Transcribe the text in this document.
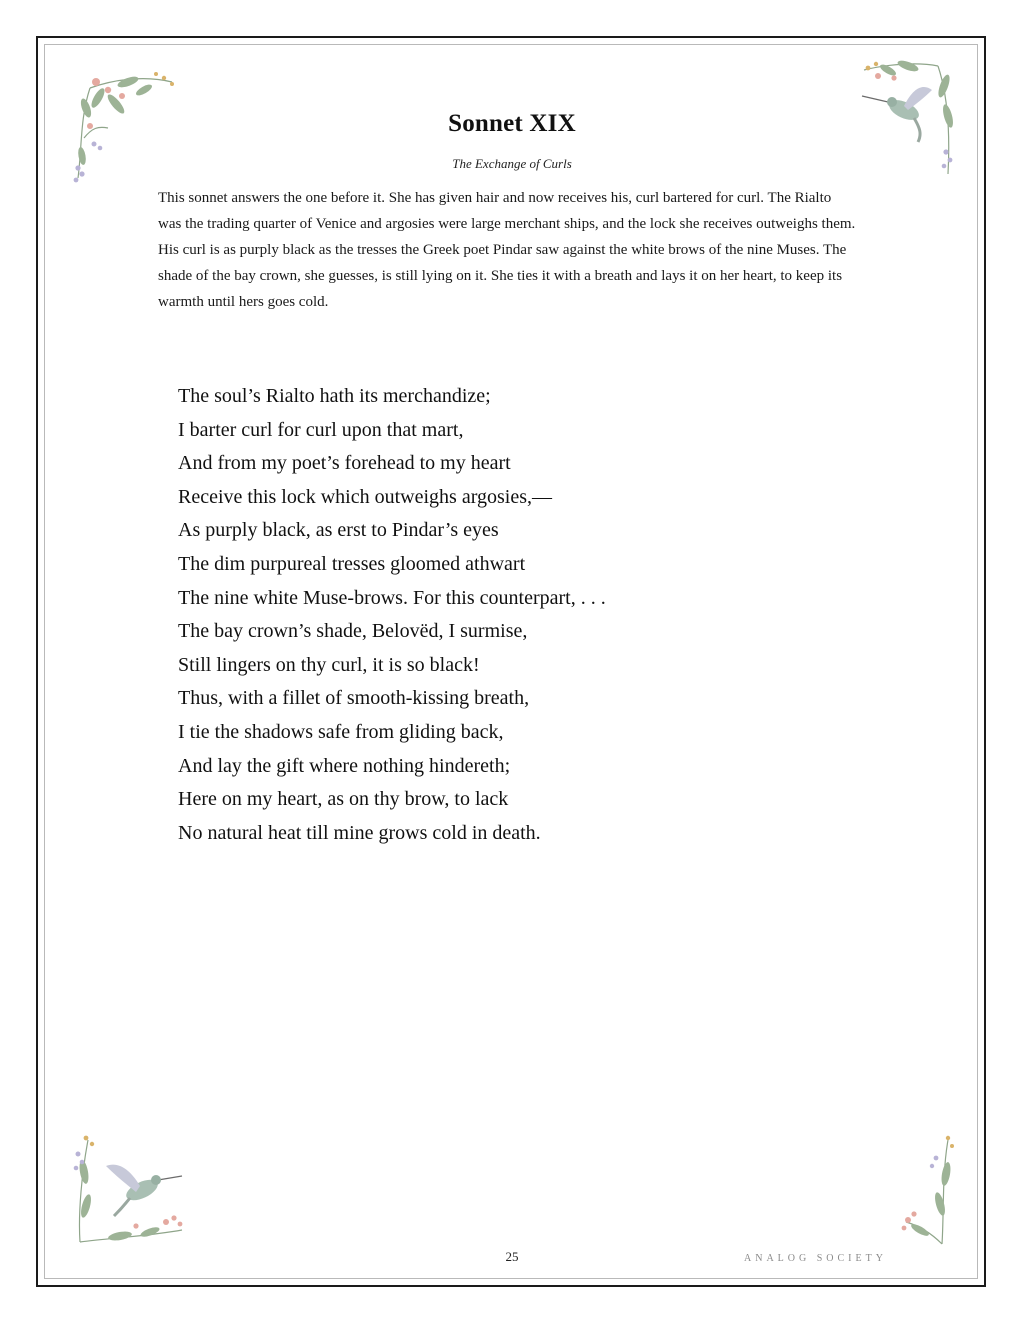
Sonnet XIX
The Exchange of Curls
This sonnet answers the one before it. She has given hair and now receives his, curl bartered for curl. The Rialto was the trading quarter of Venice and argosies were large merchant ships, and the lock she receives outweighs them. His curl is as purply black as the tresses the Greek poet Pindar saw against the white brows of the nine Muses. The shade of the bay crown, she guesses, is still lying on it. She ties it with a breath and lays it on her heart, to keep its warmth until hers goes cold.
The soul’s Rialto hath its merchandize;
I barter curl for curl upon that mart,
And from my poet’s forehead to my heart
Receive this lock which outweighs argosies,—
As purply black, as erst to Pindar’s eyes
The dim purpureal tresses gloomed athwart
The nine white Muse-brows. For this counterpart, . . .
The bay crown’s shade, Belovëd, I surmise,
Still lingers on thy curl, it is so black!
Thus, with a fillet of smooth-kissing breath,
I tie the shadows safe from gliding back,
And lay the gift where nothing hindereth;
Here on my heart, as on thy brow, to lack
No natural heat till mine grows cold in death.
25	ANALOG SOCIETY
